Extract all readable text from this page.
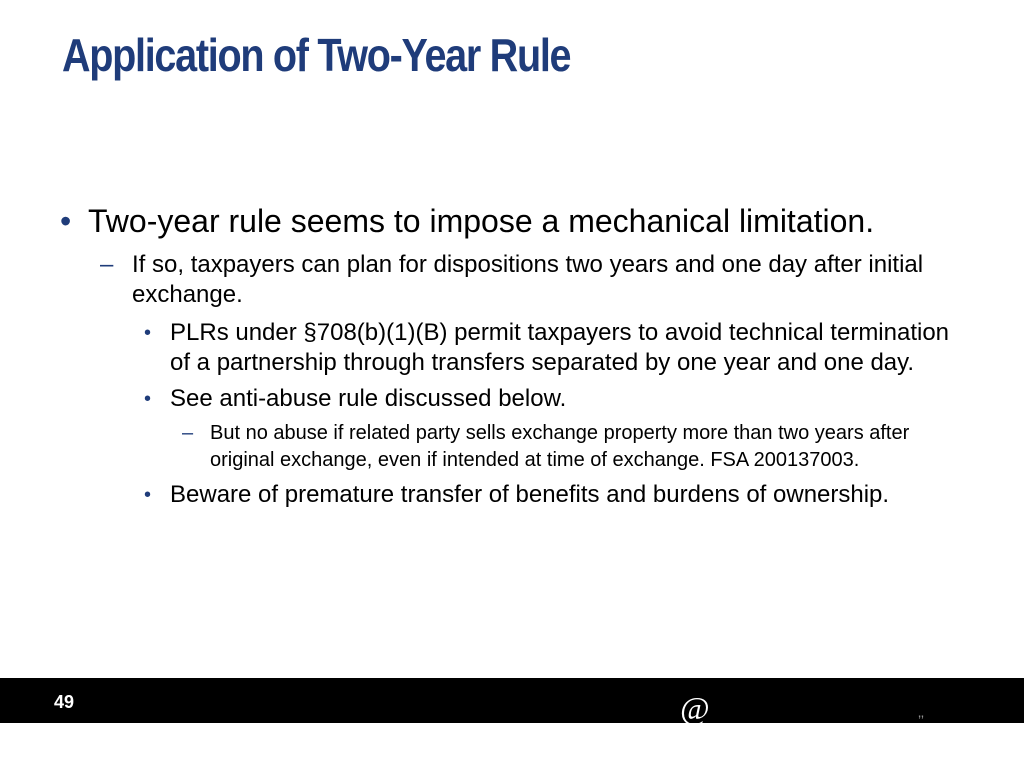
Application of Two-Year Rule
• Two-year rule seems to impose a mechanical limitation.
– If so, taxpayers can plan for dispositions two years and one day after initial exchange.
• PLRs under §708(b)(1)(B) permit taxpayers to avoid technical termination of a partnership through transfers separated by one year and one day.
• See anti-abuse rule discussed below.
– But no abuse if related party sells exchange property more than two years after original exchange, even if intended at time of exchange. FSA 200137003.
• Beware of premature transfer of benefits and burdens of ownership.
49	@	’’
